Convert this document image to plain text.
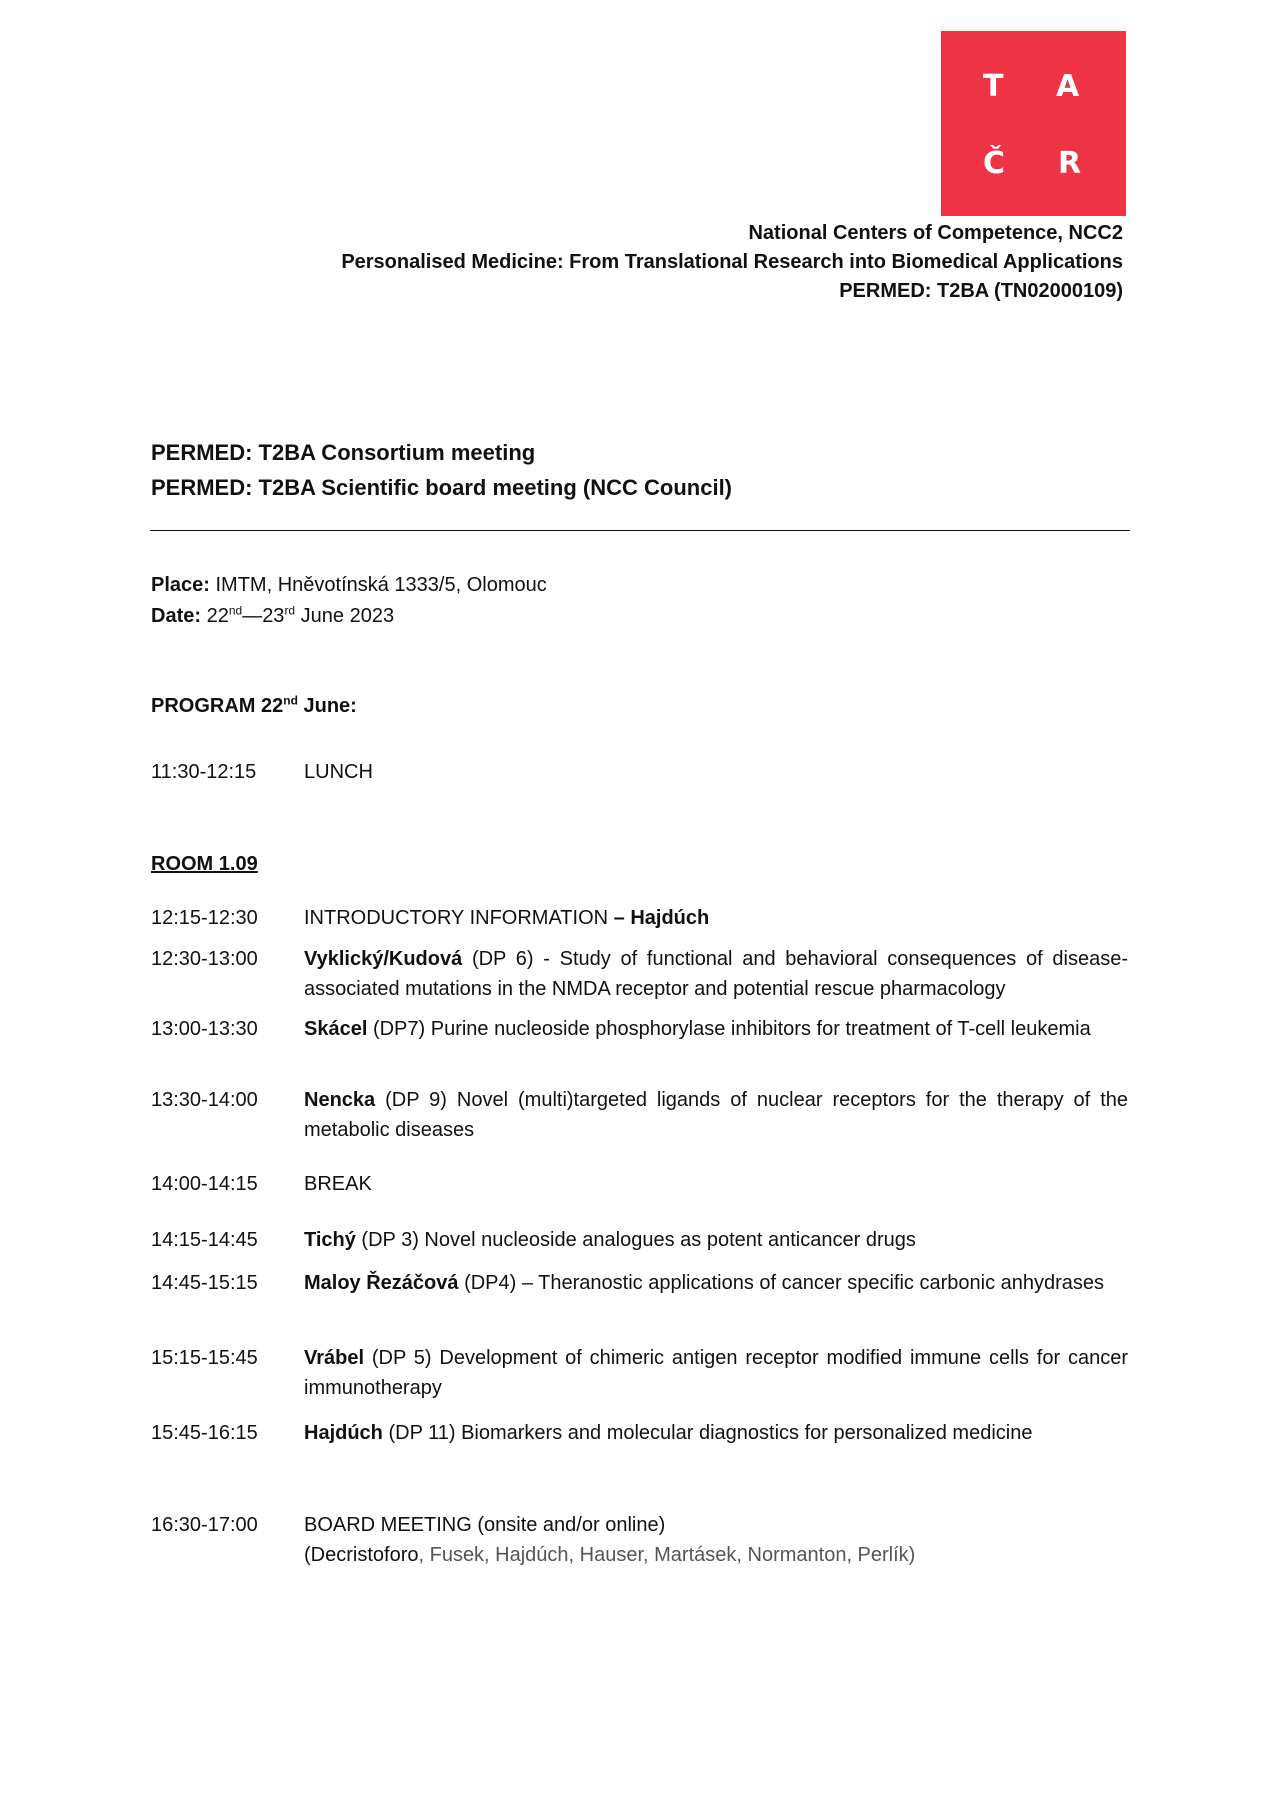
T A
Č R
National Centers of Competence, NCC2
Personalised Medicine: From Translational Research into Biomedical Applications
PERMED: T2BA (TN02000109)
PERMED: T2BA Consortium meeting
PERMED: T2BA Scientific board meeting (NCC Council)
Place: IMTM, Hněvotínská 1333/5, Olomouc
Date: 22nd—23rd June 2023
PROGRAM 22nd June:
11:30-12:15	LUNCH
ROOM 1.09
12:15-12:30	INTRODUCTORY INFORMATION – Hajdúch
12:30-13:00	Vyklický/Kudová (DP 6) - Study of functional and behavioral consequences of disease-associated mutations in the NMDA receptor and potential rescue pharmacology
13:00-13:30	Skácel (DP7) Purine nucleoside phosphorylase inhibitors for treatment of T-cell leukemia
13:30-14:00	Nencka (DP 9) Novel (multi)targeted ligands of nuclear receptors for the therapy of the metabolic diseases
14:00-14:15	BREAK
14:15-14:45	Tichý (DP 3) Novel nucleoside analogues as potent anticancer drugs
14:45-15:15	Maloy Řezáčová (DP4) – Theranostic applications of cancer specific carbonic anhydrases
15:15-15:45	Vrábel (DP 5) Development of chimeric antigen receptor modified immune cells for cancer immunotherapy
15:45-16:15	Hajdúch (DP 11) Biomarkers and molecular diagnostics for personalized medicine
16:30-17:00	BOARD MEETING (onsite and/or online)
(Decristoforo, Fusek, Hajdúch, Hauser, Martásek, Normanton, Perlík)
